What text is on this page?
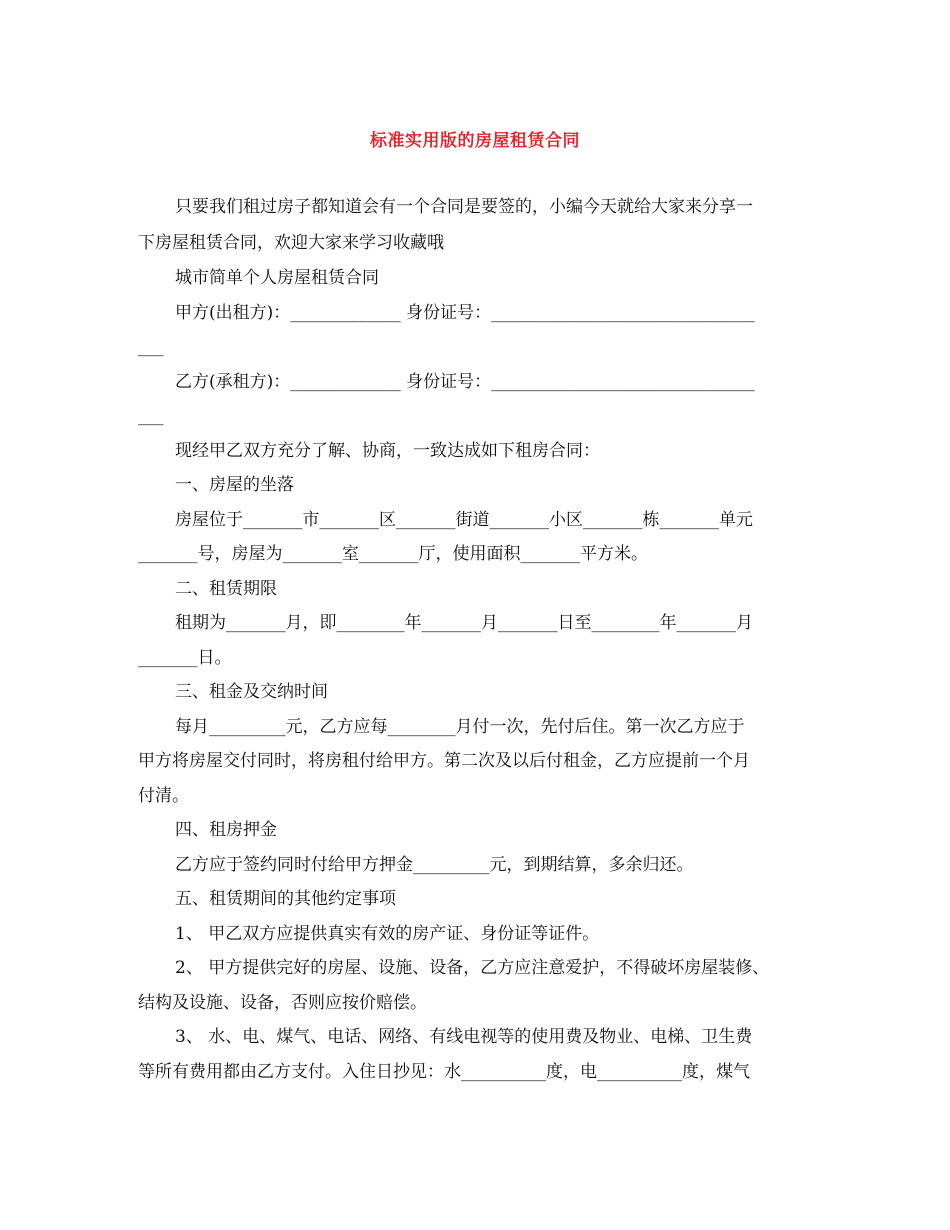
标准实用版的房屋租赁合同
只要我们租过房子都知道会有一个合同是要签的，小编今天就给大家来分享一
下房屋租赁合同，欢迎大家来学习收藏哦
城市简单个人房屋租赁合同
甲方(出租方)：_____________ 身份证号：_______________________________
___
乙方(承租方)：_____________ 身份证号：_______________________________
___
现经甲乙双方充分了解、协商，一致达成如下租房合同：
一、房屋的坐落
房屋位于_______市_______区_______街道_______小区_______栋_______单元
_______号，房屋为_______室_______厅，使用面积_______平方米。
二、租赁期限
租期为_______月，即________年_______月_______日至________年_______月
_______日。
三、租金及交纳时间
每月_________元，乙方应每________月付一次，先付后住。第一次乙方应于
甲方将房屋交付同时，将房租付给甲方。第二次及以后付租金，乙方应提前一个月
付清。
四、租房押金
乙方应于签约同时付给甲方押金_________元，到期结算，多余归还。
五、租赁期间的其他约定事项
1、 甲乙双方应提供真实有效的房产证、身份证等证件。
2、 甲方提供完好的房屋、设施、设备，乙方应注意爱护，不得破坏房屋装修、
结构及设施、设备，否则应按价赔偿。
3、 水、电、煤气、电话、网络、有线电视等的使用费及物业、电梯、卫生费
等所有费用都由乙方支付。入住日抄见：水__________度，电__________度，煤气
